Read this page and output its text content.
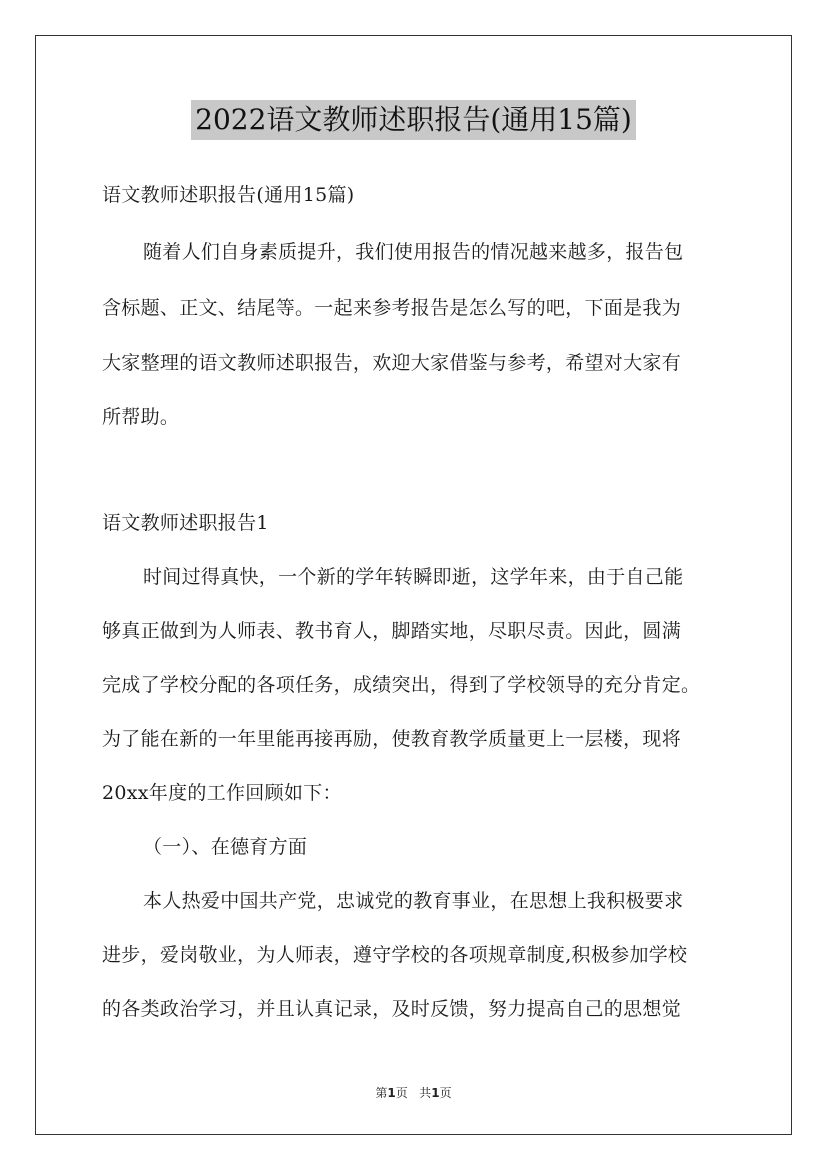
2022语文教师述职报告(通用15篇)
语文教师述职报告(通用15篇)
随着人们自身素质提升，我们使用报告的情况越来越多，报告包
含标题、正文、结尾等。一起来参考报告是怎么写的吧，下面是我为
大家整理的语文教师述职报告，欢迎大家借鉴与参考，希望对大家有
所帮助。
语文教师述职报告1
时间过得真快，一个新的学年转瞬即逝，这学年来，由于自己能
够真正做到为人师表、教书育人，脚踏实地，尽职尽责。因此，圆满
完成了学校分配的各项任务，成绩突出，得到了学校领导的充分肯定。
为了能在新的一年里能再接再励，使教育教学质量更上一层楼，现将
20xx年度的工作回顾如下：
（一）、在德育方面
本人热爱中国共产党，忠诚党的教育事业，在思想上我积极要求
进步，爱岗敬业，为人师表，遵守学校的各项规章制度,积极参加学校
的各类政治学习，并且认真记录，及时反馈，努力提高自己的思想觉
第1页 共1页
